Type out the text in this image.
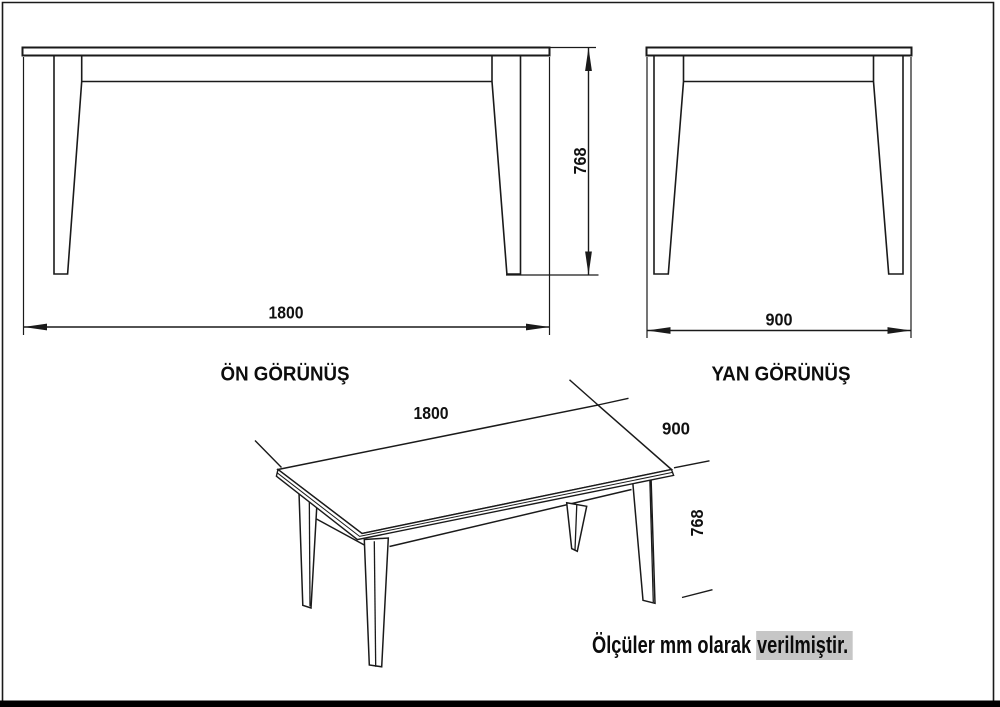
1800
768
ÖN GÖRÜNÜŞ
900
YAN GÖRÜNÜŞ
1800
900
768
Ölçüler mm olarak verilmiştir.
